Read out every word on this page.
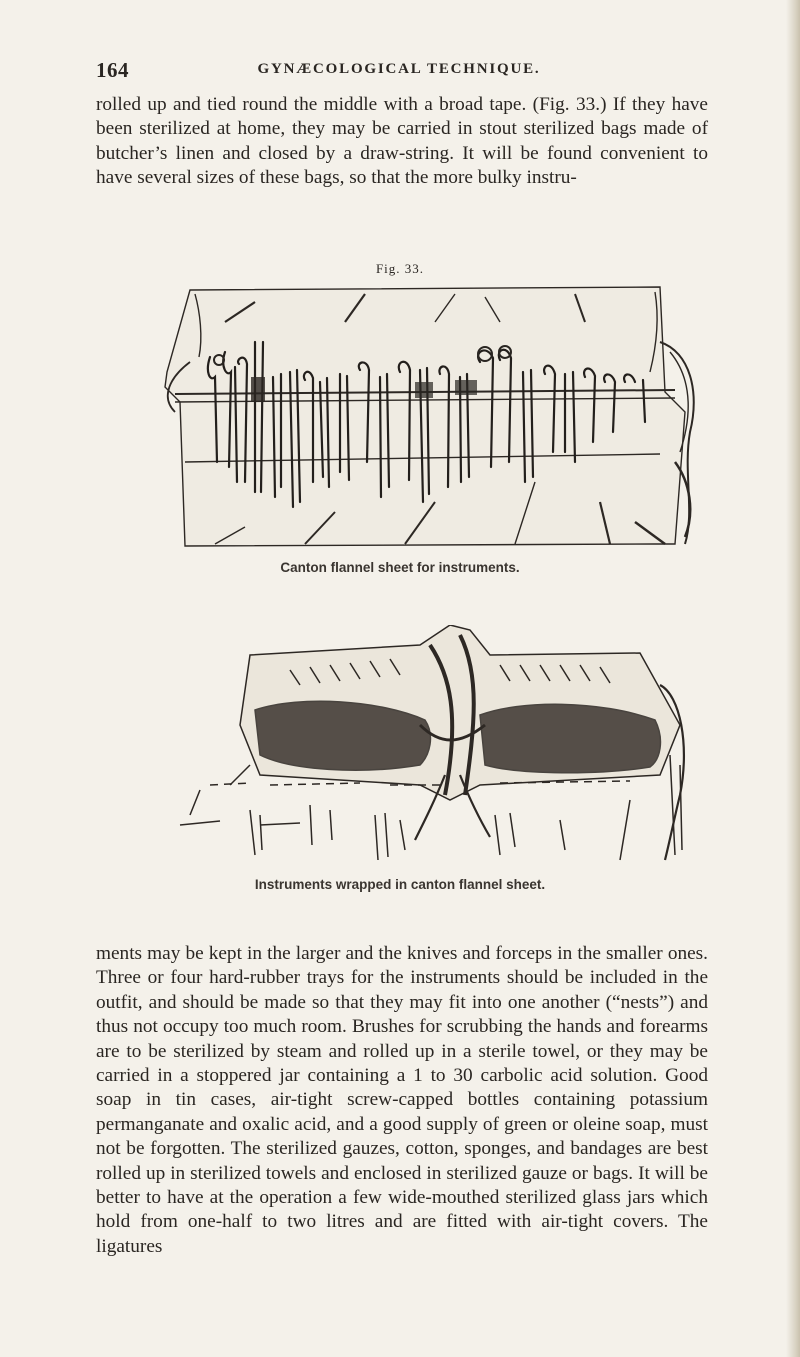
164	GYNÆCOLOGICAL TECHNIQUE.

rolled up and tied round the middle with a broad tape. (Fig. 33.) If they have been sterilized at home, they may be carried in stout sterilized bags made of butcher’s linen and closed by a draw-string. It will be found convenient to have several sizes of these bags, so that the more bulky instru-

Fig. 33.
Canton flannel sheet for instruments.
Instruments wrapped in canton flannel sheet.

ments may be kept in the larger and the knives and forceps in the smaller ones. Three or four hard-rubber trays for the instruments should be included in the outfit, and should be made so that they may fit into one another (“nests”) and thus not occupy too much room. Brushes for scrubbing the hands and forearms are to be sterilized by steam and rolled up in a sterile towel, or they may be carried in a stoppered jar containing a 1 to 30 carbolic acid solution. Good soap in tin cases, air-tight screw-capped bottles containing potassium permanganate and oxalic acid, and a good supply of green or oleine soap, must not be forgotten. The sterilized gauzes, cotton, sponges, and bandages are best rolled up in sterilized towels and enclosed in sterilized gauze or bags. It will be better to have at the operation a few wide-mouthed sterilized glass jars which hold from one-half to two litres and are fitted with air-tight covers. The ligatures
